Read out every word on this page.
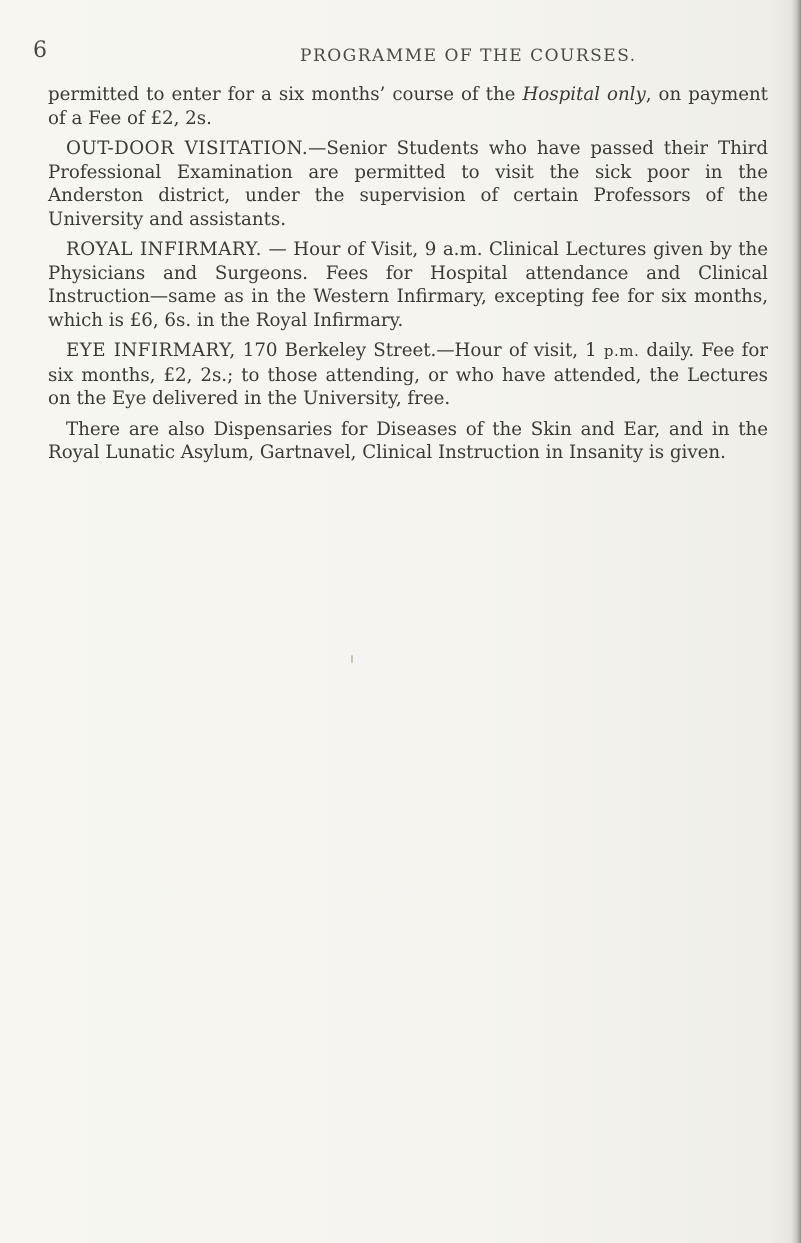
6	PROGRAMME OF THE COURSES.

permitted to enter for a six months’ course of the Hospital only, on payment of a Fee of £2, 2s.

OUT-DOOR VISITATION.—Senior Students who have passed their Third Professional Examination are permitted to visit the sick poor in the Anderston district, under the supervision of certain Professors of the University and assistants.

ROYAL INFIRMARY. — Hour of Visit, 9 a.m. Clinical Lectures given by the Physicians and Surgeons. Fees for Hospital attendance and Clinical Instruction—same as in the Western Infirmary, excepting fee for six months, which is £6, 6s. in the Royal Infirmary.

EYE INFIRMARY, 170 Berkeley Street.—Hour of visit, 1 p.m. daily. Fee for six months, £2, 2s.; to those attending, or who have attended, the Lectures on the Eye delivered in the University, free.

There are also Dispensaries for Diseases of the Skin and Ear, and in the Royal Lunatic Asylum, Gartnavel, Clinical Instruction in Insanity is given.
